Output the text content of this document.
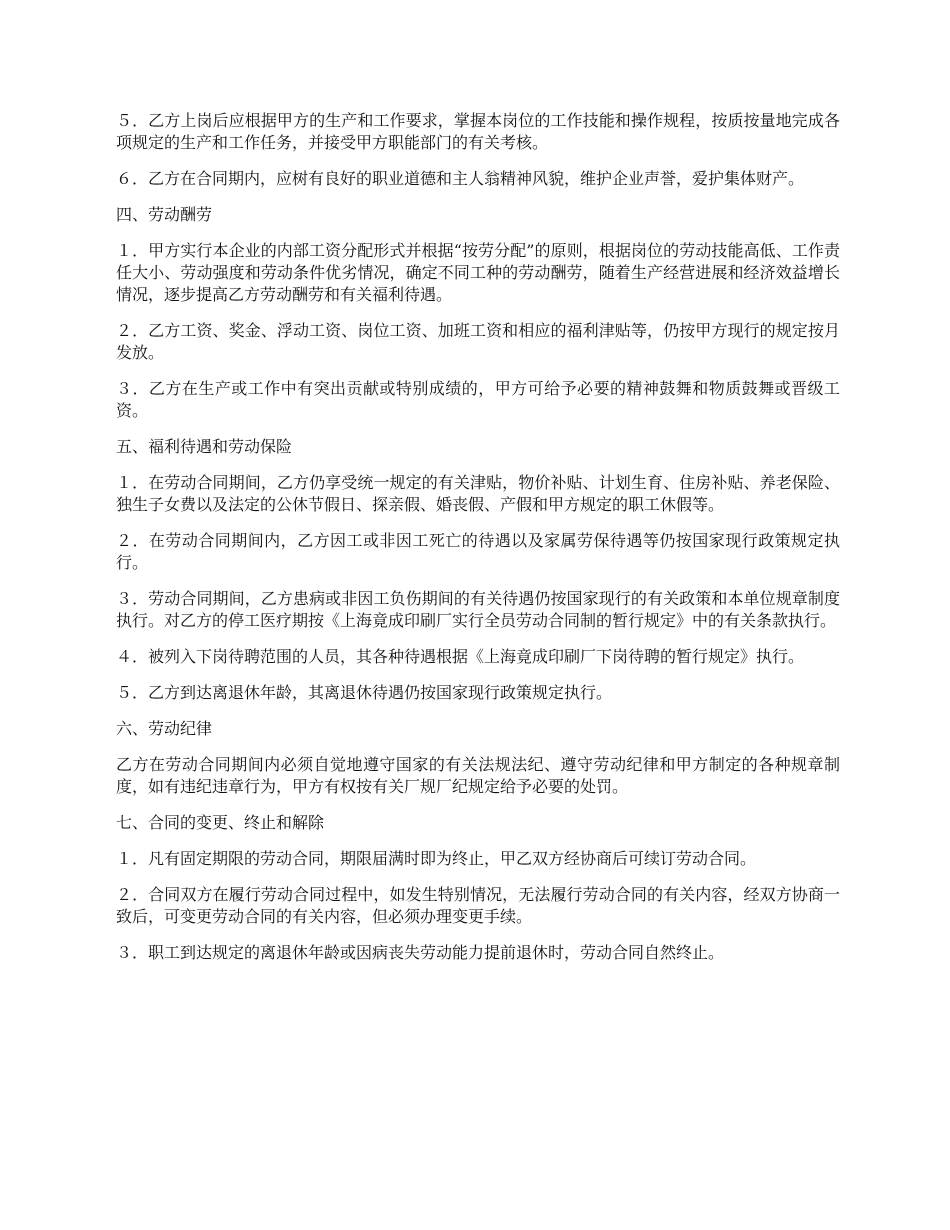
５．乙方上岗后应根据甲方的生产和工作要求，掌握本岗位的工作技能和操作规程，按质按量地完成各项规定的生产和工作任务，并接受甲方职能部门的有关考核。

６．乙方在合同期内，应树有良好的职业道德和主人翁精神风貌，维护企业声誉，爱护集体财产。

四、劳动酬劳

１．甲方实行本企业的内部工资分配形式并根据“按劳分配”的原则，根据岗位的劳动技能高低、工作责任大小、劳动强度和劳动条件优劣情况，确定不同工种的劳动酬劳，随着生产经营进展和经济效益增长情况，逐步提高乙方劳动酬劳和有关福利待遇。

２．乙方工资、奖金、浮动工资、岗位工资、加班工资和相应的福利津贴等，仍按甲方现行的规定按月发放。

３．乙方在生产或工作中有突出贡献或特别成绩的，甲方可给予必要的精神鼓舞和物质鼓舞或晋级工资。

五、福利待遇和劳动保险

１．在劳动合同期间，乙方仍享受统一规定的有关津贴，物价补贴、计划生育、住房补贴、养老保险、独生子女费以及法定的公休节假日、探亲假、婚丧假、产假和甲方规定的职工休假等。

２．在劳动合同期间内，乙方因工或非因工死亡的待遇以及家属劳保待遇等仍按国家现行政策规定执行。

３．劳动合同期间，乙方患病或非因工负伤期间的有关待遇仍按国家现行的有关政策和本单位规章制度执行。对乙方的停工医疗期按《上海竟成印刷厂实行全员劳动合同制的暂行规定》中的有关条款执行。

４．被列入下岗待聘范围的人员，其各种待遇根据《上海竟成印刷厂下岗待聘的暂行规定》执行。

５．乙方到达离退休年龄，其离退休待遇仍按国家现行政策规定执行。

六、劳动纪律

乙方在劳动合同期间内必须自觉地遵守国家的有关法规法纪、遵守劳动纪律和甲方制定的各种规章制度，如有违纪违章行为，甲方有权按有关厂规厂纪规定给予必要的处罚。

七、合同的变更、终止和解除

１．凡有固定期限的劳动合同，期限届满时即为终止，甲乙双方经协商后可续订劳动合同。

２．合同双方在履行劳动合同过程中，如发生特别情况，无法履行劳动合同的有关内容，经双方协商一致后，可变更劳动合同的有关内容，但必须办理变更手续。

３．职工到达规定的离退休年龄或因病丧失劳动能力提前退休时，劳动合同自然终止。
